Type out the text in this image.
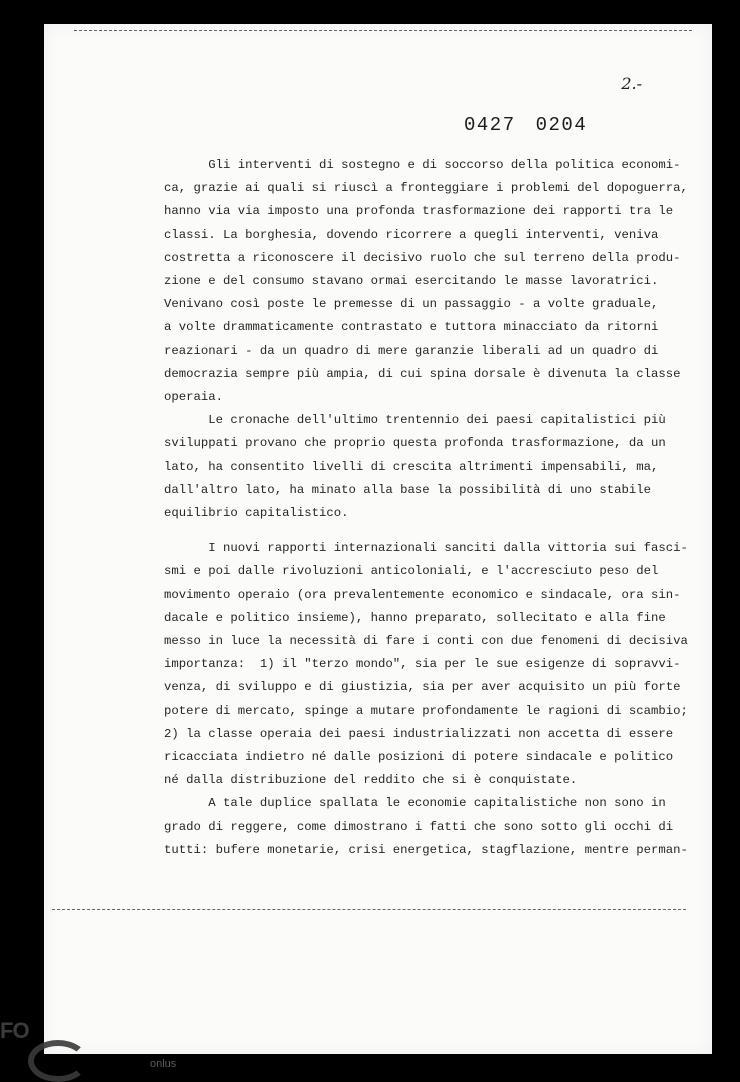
2.-
0427 0204

Gli interventi di sostegno e di soccorso della politica economi-

ca, grazie ai quali si riuscì a fronteggiare i problemi del dopoguerra,

hanno via via imposto una profonda trasformazione dei rapporti tra le

classi. La borghesia, dovendo ricorrere a quegli interventi, veniva

costretta a riconoscere il decisivo ruolo che sul terreno della produ-

zione e del consumo stavano ormai esercitando le masse lavoratrici.

Venivano così poste le premesse di un passaggio - a volte graduale,

a volte drammaticamente contrastato e tuttora minacciato da ritorni

reazionari - da un quadro di mere garanzie liberali ad un quadro di

democrazia sempre più ampia, di cui spina dorsale è divenuta la classe

operaia.

Le cronache dell'ultimo trentennio dei paesi capitalistici più

sviluppati provano che proprio questa profonda trasformazione, da un

lato, ha consentito livelli di crescita altrimenti impensabili, ma,

dall'altro lato, ha minato alla base la possibilità di uno stabile

equilibrio capitalistico.

I nuovi rapporti internazionali sanciti dalla vittoria sui fasci-

smi e poi dalle rivoluzioni anticoloniali, e l'accresciuto peso del

movimento operaio (ora prevalentemente economico e sindacale, ora sin-

dacale e politico insieme), hanno preparato, sollecitato e alla fine

messo in luce la necessità di fare i conti con due fenomeni di decisiva

importanza:  1) il "terzo mondo", sia per le sue esigenze di sopravvi-

venza, di sviluppo e di giustizia, sia per aver acquisito un più forte

potere di mercato, spinge a mutare profondamente le ragioni di scambio;

2) la classe operaia dei paesi industrializzati non accetta di essere

ricacciata indietro né dalle posizioni di potere sindacale e politico

né dalla distribuzione del reddito che si è conquistate.

A tale duplice spallata le economie capitalistiche non sono in

grado di reggere, come dimostrano i fatti che sono sotto gli occhi di

tutti: bufere monetarie, crisi energetica, stagflazione, mentre perman-

FO
onlus
